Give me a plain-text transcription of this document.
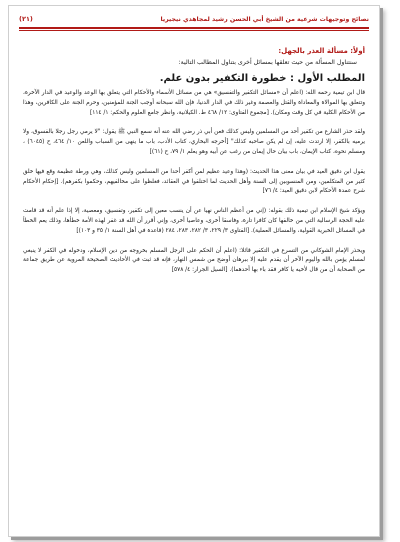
نصائح وتوجيهات شرعية من الشيخ أبي الحسن رشيد لمجاهدي نيجيريا
(٢١)
أولاً: مسألة العذر بالجهل:
سنتناول المسألة من حيث تعلقها بمسائل أخرى بتناول المطالب التالية:
المطلب الأول : خطورة التكفير بدون علم.

قال ابن تيمية رحمه الله: (اعلم أن «مسائل التكفير والتفسيق» هي من مسائل الأسماء والأحكام التي يتعلق بها الوعد والوعيد في الدار الآخرة، وتتعلق بها الموالاة والمعاداة والقتل والعصمة وغير ذلك في الدار الدنيا، فإن الله سبحانه أوجب الجنة للمؤمنين، وحرم الجنة على الكافرين، وهذا من الأحكام الكلية في كل وقت ومكان). [مجموع الفتاوى: ١٢/ ٤٦٨ ط. الكيلانية، وانظر جامع العلوم والحكم: ١/ ١١٤]

ولقد حذر الشارع من تكفير أحد من المسلمين وليس كذلك فعن أبي ذر رضي الله عنه أنه سمع النبي ﷺ يقول: "لا يرمي رجل رجلا بالفسوق، ولا يرميه بالكفر، إلا ارتدت عليه، إن لم يكن صاحبه كذلك" [أخرجه البخاري، كتاب الأدب، باب ما ينهى من السباب واللعن ١٠/ ٤٦٤، ح (٦٠٤٥) ، ومسلم نحوه، كتاب الإيمان، باب بيان حال إيمان من رغب عن أبيه وهو يعلم ١/ ٧٩، ح (٦١)]

يقول ابن دقيق العيد في بيان معنى هذا الحديث: (وهذا وعيد عظيم لمن أكفر أحدا من المسلمين وليس كذلك، وهي ورطة عظيمة وقع فيها خلق كثير من المتكلمين، ومن المنسوبين إلى السنة وأهل الحديث لما اختلفوا في العقائد، فغلظوا على مخالفيهم، وحكموا بكفرهم). [إحكام الأحكام شرح عمدة الأحكام لابن دقيق العيد: ٤/ ٧٦]

ويؤكد شيخ الإسلام ابن تيمية ذلك بقوله: (إني من أعظم الناس نهيا عن أن ينسب معين إلى تكفير، وتفسيق، ومعصية، إلا إذا علم أنه قد قامت عليه الحجة الرسالية التي من خالفها كان كافرا تارة، وفاسقا أخرى، وعاصيا أخرى، وإني أقرر أن الله قد غفر لهذه الأمة خطأها، وذلك يعم الخطأ في المسائل الخبرية القولية، والمسائل العملية). [الفتاوى ٣/ ٢٢٩، ٣/ ٢٨٢، ٢٨٣، ٢٨٤ (قاعدة في أهل السنة ١/ ٣٥ و ١٠٣)]

ويحذر الإمام الشوكاني من التسرع في التكفير قائلا: (اعلم أن الحكم على الرجل المسلم بخروجه من دين الإسلام، ودخوله في الكفر لا ينبغي لمسلم يؤمن بالله واليوم الآخر أن يقدم عليه إلا ببرهان أوضح من شمس النهار، فإنه قد ثبت في الأحاديث الصحيحة المروية عن طريق جماعة من الصحابة أن من قال لأخيه يا كافر فقد باء بها أحدهما). [السيل الجرار: ٤/ ٥٧٨]
